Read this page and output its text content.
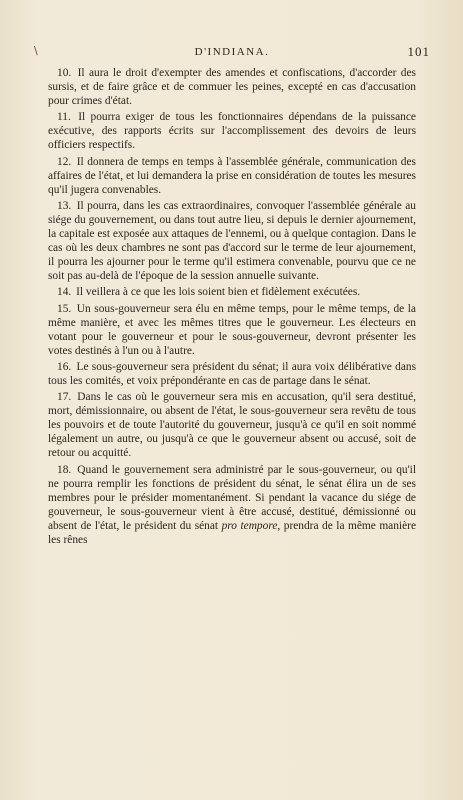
\	D'INDIANA.	101

10. Il aura le droit d'exempter des amendes et confiscations, d'accorder des sursis, et de faire grâce et de commuer les peines, excepté en cas d'accusation pour crimes d'état.

11. Il pourra exiger de tous les fonctionnaires dépendans de la puissance exécutive, des rapports écrits sur l'accomplissement des devoirs de leurs officiers respectifs.

12. Il donnera de temps en temps à l'assemblée générale, communication des affaires de l'état, et lui demandera la prise en considération de toutes les mesures qu'il jugera convenables.

13. Il pourra, dans les cas extraordinaires, convoquer l'assemblée générale au siége du gouvernement, ou dans tout autre lieu, si depuis le dernier ajournement, la capitale est exposée aux attaques de l'ennemi, ou à quelque contagion. Dans le cas où les deux chambres ne sont pas d'accord sur le terme de leur ajournement, il pourra les ajourner pour le terme qu'il estimera convenable, pourvu que ce ne soit pas au-delà de l'époque de la session annuelle suivante.

14. Il veillera à ce que les lois soient bien et fidèlement exécutées.

15. Un sous-gouverneur sera élu en même temps, pour le même temps, de la même manière, et avec les mêmes titres que le gouverneur. Les électeurs en votant pour le gouverneur et pour le sous-gouverneur, devront présenter les votes destinés à l'un ou à l'autre.

16. Le sous-gouverneur sera président du sénat; il aura voix délibérative dans tous les comités, et voix prépondérante en cas de partage dans le sénat.

17. Dans le cas où le gouverneur sera mis en accusation, qu'il sera destitué, mort, démissionnaire, ou absent de l'état, le sous-gouverneur sera revêtu de tous les pouvoirs et de toute l'autorité du gouverneur, jusqu'à ce qu'il en soit nommé légalement un autre, ou jusqu'à ce que le gouverneur absent ou accusé, soit de retour ou acquitté.

18. Quand le gouvernement sera administré par le sous-gouverneur, ou qu'il ne pourra remplir les fonctions de président du sénat, le sénat élira un de ses membres pour le présider momentanément. Si pendant la vacance du siége de gouverneur, le sous-gouverneur vient à être accusé, destitué, démissionné ou absent de l'état, le président du sénat pro tempore, prendra de la même manière les rênes
